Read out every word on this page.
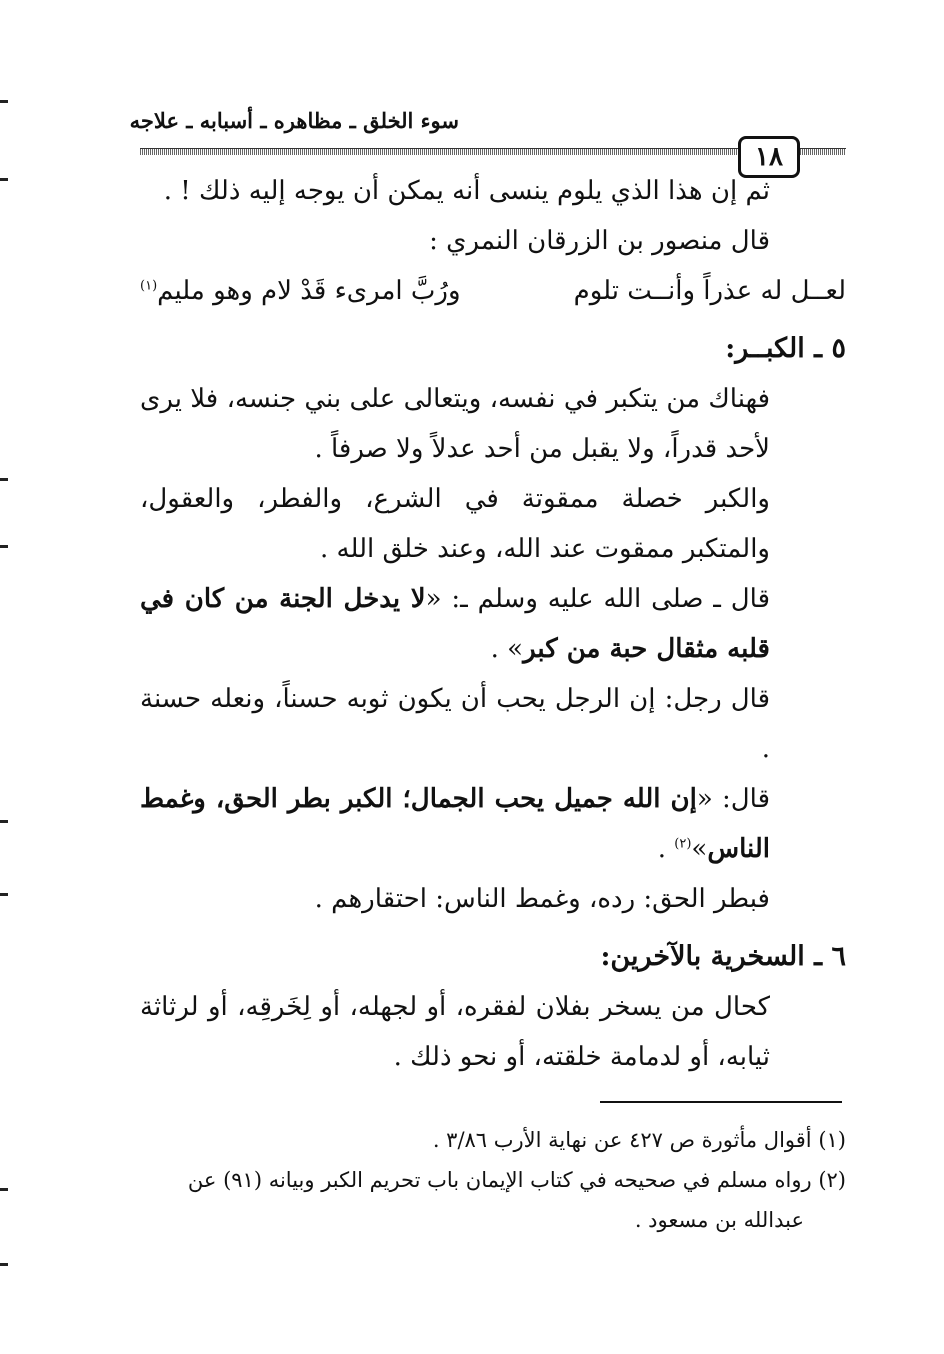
سوء الخلق ـ مظاهره ـ أسبابه ـ علاجه
١٨

ثم إن هذا الذي يلوم ينسى أنه يمكن أن يوجه إليه ذلك ! .

قال منصور بن الزرقان النمري :

لعــل له عذراً وأنــت تلوم
ورُبَّ امرىء قَدْ لام وهو مليم$^{(١)}$

٥ ـ الكبــر:

فهناك من يتكبر في نفسه، ويتعالى على بني جنسه، فلا يرى لأحد قدراً، ولا يقبل من أحد عدلاً ولا صرفاً .

والكبر خصلة ممقوتة في الشرع، والفطر، والعقول، والمتكبر ممقوت عند الله، وعند خلق الله .

قال ـ صلى الله عليه وسلم ـ: «لا يدخل الجنة من كان في قلبه مثقال حبة من كبر» .

قال رجل: إن الرجل يحب أن يكون ثوبه حسناً، ونعله حسنة .

قال: «إن الله جميل يحب الجمال؛ الكبر بطر الحق، وغمط الناس»$^{(٢)}$ .

فبطر الحق: رده، وغمط الناس: احتقارهم .

٦ ـ السخرية بالآخرين:

كحال من يسخر بفلان لفقره، أو لجهله، أو لِخَرقِه، أو لرثاثة ثيابه، أو لدمامة خلقته، أو نحو ذلك .

(١) أقوال مأثورة ص ٤٢٧ عن نهاية الأرب ٣/٨٦ .

(٢) رواه مسلم في صحيحه في كتاب الإيمان باب تحريم الكبر وبيانه (٩١) عن

عبدالله بن مسعود .
